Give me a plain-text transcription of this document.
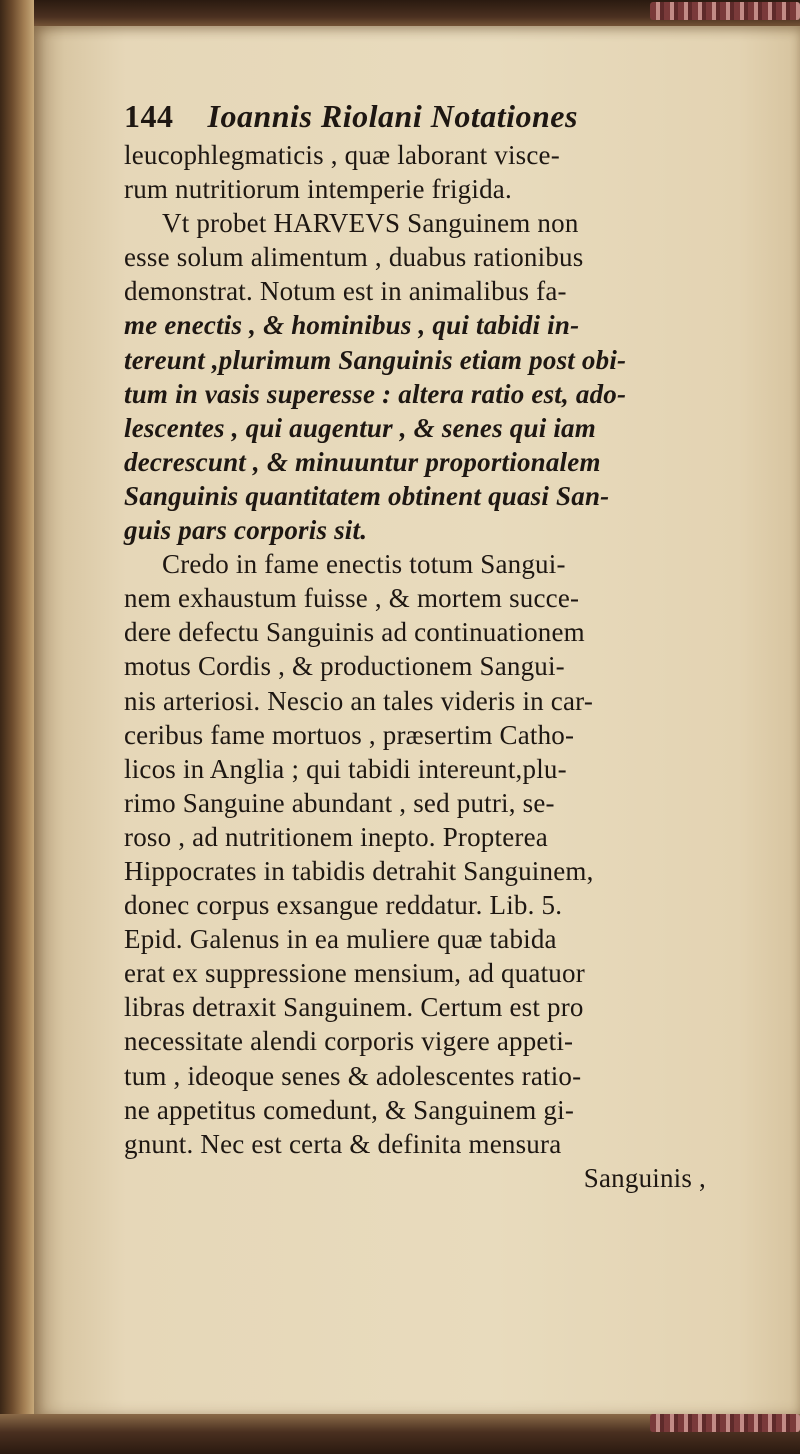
144 Ioannis Riolani Notationes
leucophlegmaticis , quæ laborant visce-
rum nutritiorum intemperie frigida.
Vt probet HARVEVS Sanguinem non
esse solum alimentum , duabus rationibus
demonstrat. Notum est in animalibus fa-
me enectis , & hominibus , qui tabidi in-
tereunt ,plurimum Sanguinis etiam post obi-
tum in vasis superesse : altera ratio est, ado-
lescentes , qui augentur , & senes qui iam
decrescunt , & minuuntur proportionalem
Sanguinis quantitatem obtinent quasi San-
guis pars corporis sit.
Credo in fame enectis totum Sangui-
nem exhaustum fuisse , & mortem succe-
dere defectu Sanguinis ad continuationem
motus Cordis , & productionem Sangui-
nis arteriosi. Nescio an tales videris in car-
ceribus fame mortuos , præsertim Catho-
licos in Anglia ; qui tabidi intereunt,plu-
rimo Sanguine abundant , sed putri, se-
roso , ad nutritionem inepto. Propterea
Hippocrates in tabidis detrahit Sanguinem,
donec corpus exsangue reddatur. Lib. 5.
Epid. Galenus in ea muliere quæ tabida
erat ex suppressione mensium, ad quatuor
libras detraxit Sanguinem. Certum est pro
necessitate alendi corporis vigere appeti-
tum , ideoque senes & adolescentes ratio-
ne appetitus comedunt, & Sanguinem gi-
gnunt. Nec est certa & definita mensura
Sanguinis ,
